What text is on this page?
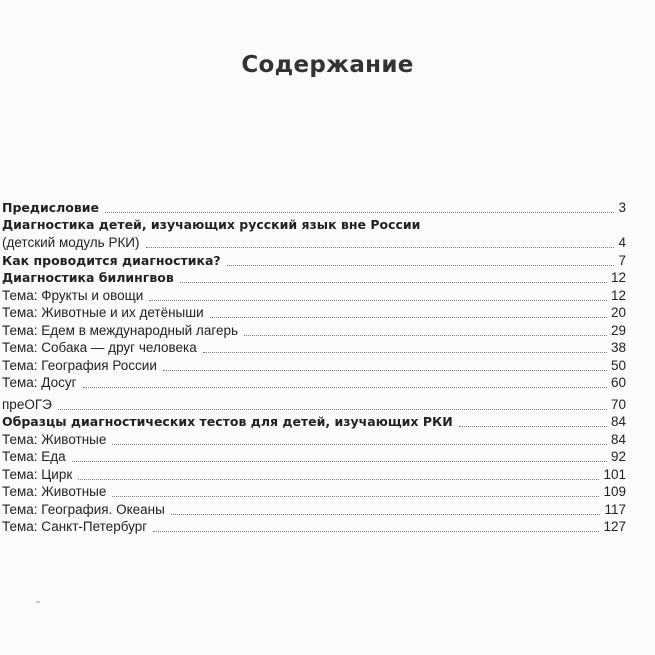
Содержание
Предисловие	3
Диагностика детей, изучающих русский язык вне России
(детский модуль РКИ)	4
Как проводится диагностика?	7
Диагностика билингвов	12
Тема: Фрукты и овощи	12
Тема: Животные и их детёныши	20
Тема: Едем в международный лагерь	29
Тема: Собака — друг человека	38
Тема: География России	50
Тема: Досуг	60
преОГЭ	70
Образцы диагностических тестов для детей, изучающих РКИ	84
Тема: Животные	84
Тема: Еда	92
Тема: Цирк	101
Тема: Животные	109
Тема: География. Океаны	117
Тема: Санкт-Петербург	127
